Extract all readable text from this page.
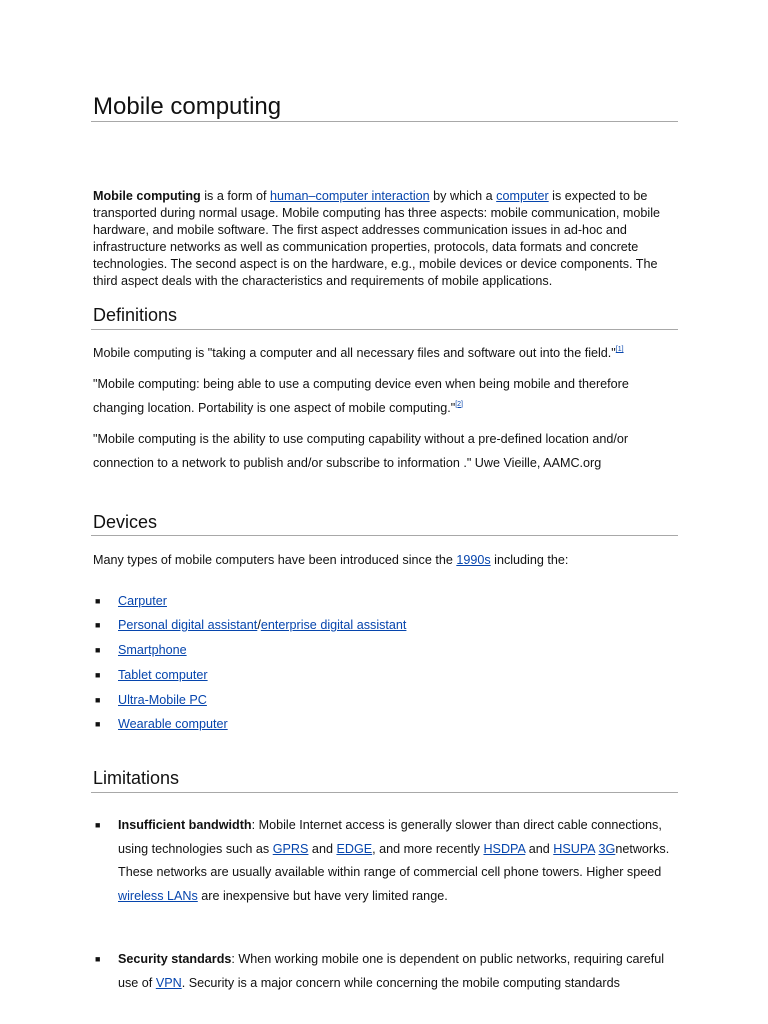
Mobile computing

Mobile computing is a form of human–computer interaction by which a computer is expected to be transported during normal usage. Mobile computing has three aspects: mobile communication, mobile hardware, and mobile software. The first aspect addresses communication issues in ad-hoc and infrastructure networks as well as communication properties, protocols, data formats and concrete technologies. The second aspect is on the hardware, e.g., mobile devices or device components. The third aspect deals with the characteristics and requirements of mobile applications.

Definitions

Mobile computing is "taking a computer and all necessary files and software out into the field."[1]

"Mobile computing: being able to use a computing device even when being mobile and therefore changing location. Portability is one aspect of mobile computing."[2]

"Mobile computing is the ability to use computing capability without a pre-defined location and/or connection to a network to publish and/or subscribe to information ." Uwe Vieille, AAMC.org

Devices

Many types of mobile computers have been introduced since the 1990s including the:

■ Carputer
■ Personal digital assistant/enterprise digital assistant
■ Smartphone
■ Tablet computer
■ Ultra-Mobile PC
■ Wearable computer
Limitations
■ Insufficient bandwidth: Mobile Internet access is generally slower than direct cable connections, using technologies such as GPRS and EDGE, and more recently HSDPA and HSUPA 3Gnetworks. These networks are usually available within range of commercial cell phone towers. Higher speed wireless LANs are inexpensive but have very limited range.
■ Security standards: When working mobile one is dependent on public networks, requiring careful use of VPN. Security is a major concern while concerning the mobile computing standards
